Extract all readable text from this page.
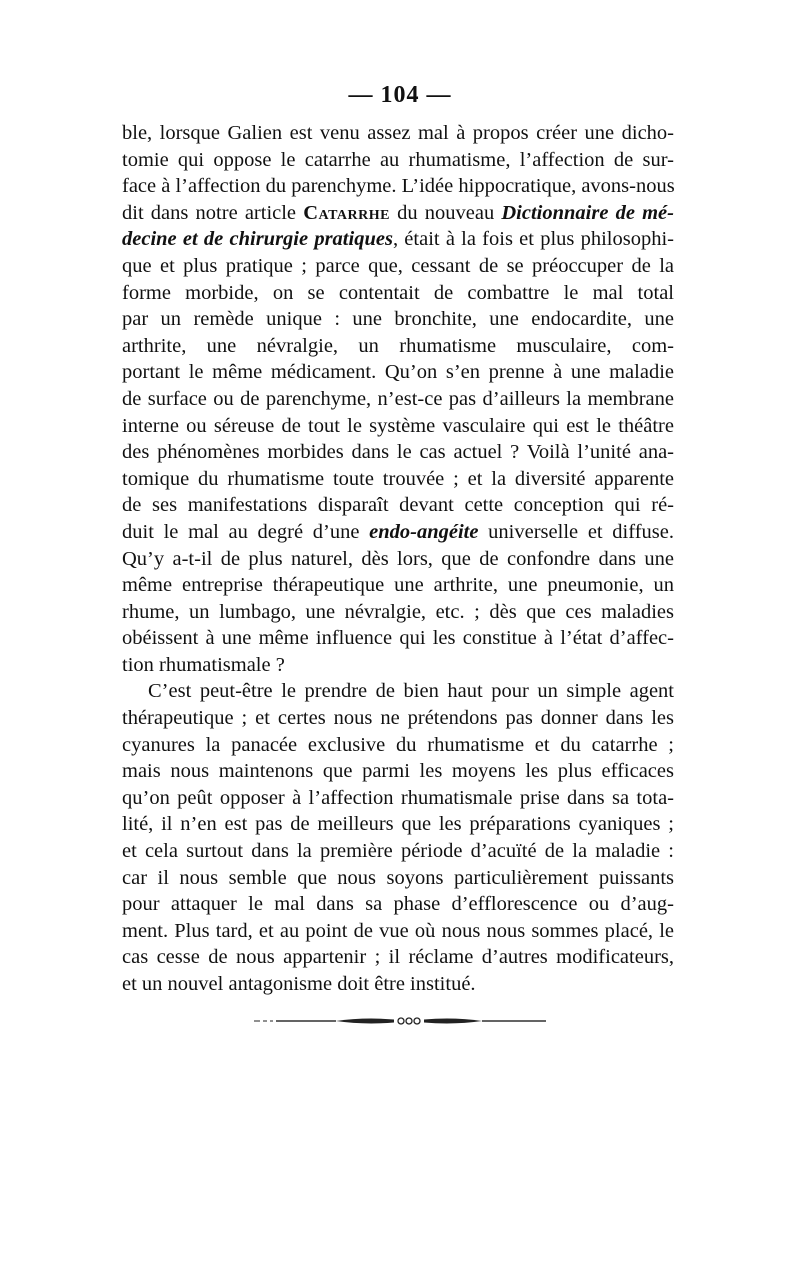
— 104 —
ble, lorsque Galien est venu assez mal à propos créer une dicho-
tomie qui oppose le catarrhe au rhumatisme, l’affection de sur-
face à l’affection du parenchyme. L’idée hippocratique, avons-nous
dit dans notre article Catarrhe du nouveau Dictionnaire de mé-
decine et de chirurgie pratiques, était à la fois et plus philosophi-
que et plus pratique ; parce que, cessant de se préoccuper de la
forme morbide, on se contentait de combattre le mal total
par un remède unique : une bronchite, une endocardite, une
arthrite, une névralgie, un rhumatisme musculaire, com-
portant le même médicament. Qu’on s’en prenne à une maladie
de surface ou de parenchyme, n’est-ce pas d’ailleurs la membrane
interne ou séreuse de tout le système vasculaire qui est le théâtre
des phénomènes morbides dans le cas actuel ? Voilà l’unité ana-
tomique du rhumatisme toute trouvée ; et la diversité apparente
de ses manifestations disparaît devant cette conception qui ré-
duit le mal au degré d’une endo-angéite universelle et diffuse.
Qu’y a-t-il de plus naturel, dès lors, que de confondre dans une
même entreprise thérapeutique une arthrite, une pneumonie, un
rhume, un lumbago, une névralgie, etc. ; dès que ces maladies
obéissent à une même influence qui les constitue à l’état d’affec-
tion rhumatismale ?
C’est peut-être le prendre de bien haut pour un simple agent
thérapeutique ; et certes nous ne prétendons pas donner dans les
cyanures la panacée exclusive du rhumatisme et du catarrhe ;
mais nous maintenons que parmi les moyens les plus efficaces
qu’on peût opposer à l’affection rhumatismale prise dans sa tota-
lité, il n’en est pas de meilleurs que les préparations cyaniques ;
et cela surtout dans la première période d’acuïté de la maladie :
car il nous semble que nous soyons particulièrement puissants
pour attaquer le mal dans sa phase d’efflorescence ou d’aug-
ment. Plus tard, et au point de vue où nous nous sommes placé, le
cas cesse de nous appartenir ; il réclame d’autres modificateurs,
et un nouvel antagonisme doit être institué.
